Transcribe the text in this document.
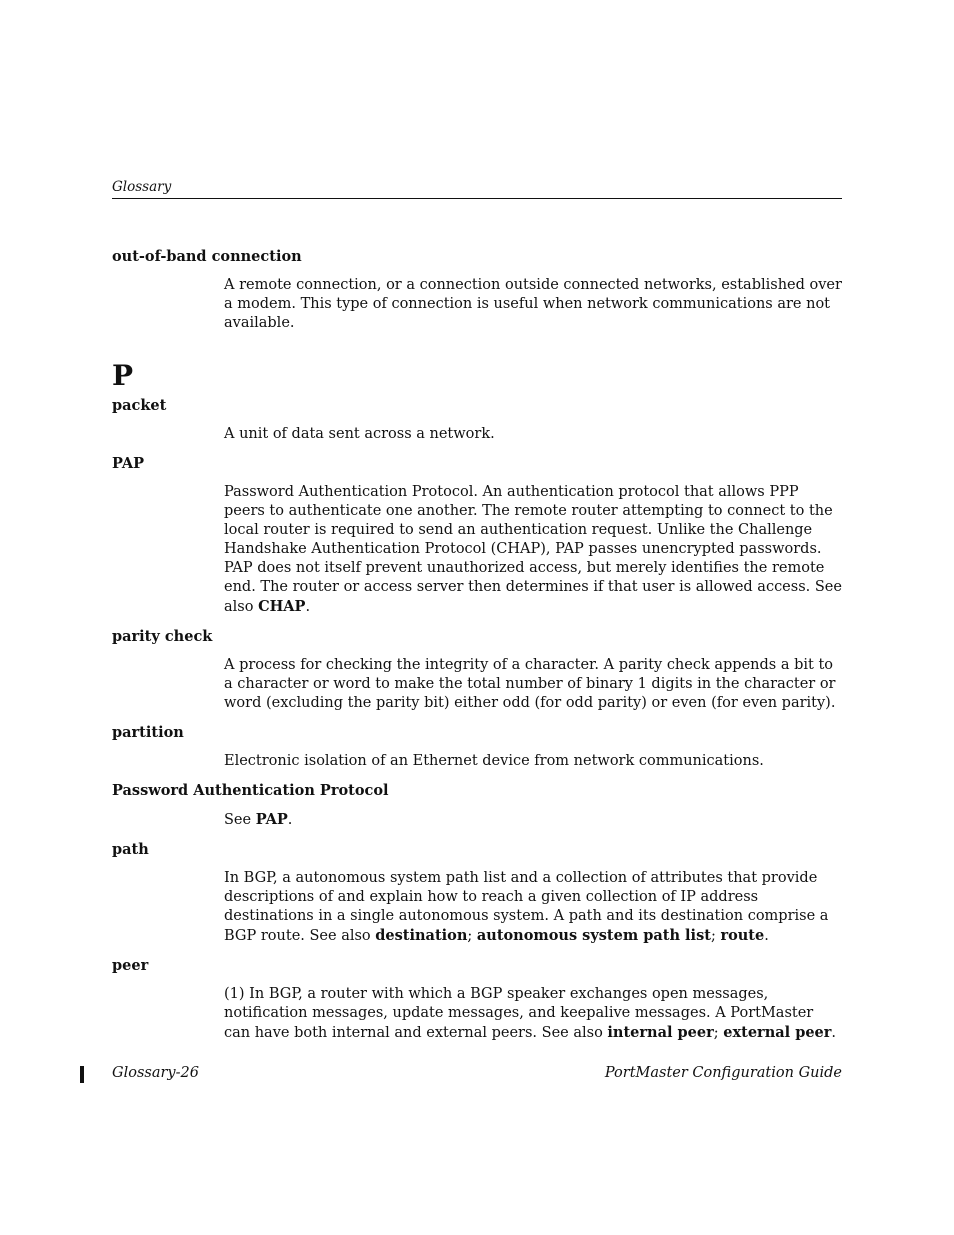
Glossary

out-of-band connection

A remote connection, or a connection outside connected networks, established over a modem. This type of connection is useful when network communications are not available.

P

packet

A unit of data sent across a network.

PAP

Password Authentication Protocol. An authentication protocol that allows PPP peers to authenticate one another. The remote router attempting to connect to the local router is required to send an authentication request. Unlike the Challenge Handshake Authentication Protocol (CHAP), PAP passes unencrypted passwords. PAP does not itself prevent unauthorized access, but merely identifies the remote end. The router or access server then determines if that user is allowed access. See also CHAP.

parity check

A process for checking the integrity of a character. A parity check appends a bit to a character or word to make the total number of binary 1 digits in the character or word (excluding the parity bit) either odd (for odd parity) or even (for even parity).

partition

Electronic isolation of an Ethernet device from network communications.

Password Authentication Protocol

See PAP.

path

In BGP, a autonomous system path list and a collection of attributes that provide descriptions of and explain how to reach a given collection of IP address destinations in a single autonomous system. A path and its destination comprise a BGP route. See also destination; autonomous system path list; route.

peer

(1) In BGP, a router with which a BGP speaker exchanges open messages, notification messages, update messages, and keepalive messages. A PortMaster can have both internal and external peers. See also internal peer; external peer.

Glossary-26	PortMaster Configuration Guide
